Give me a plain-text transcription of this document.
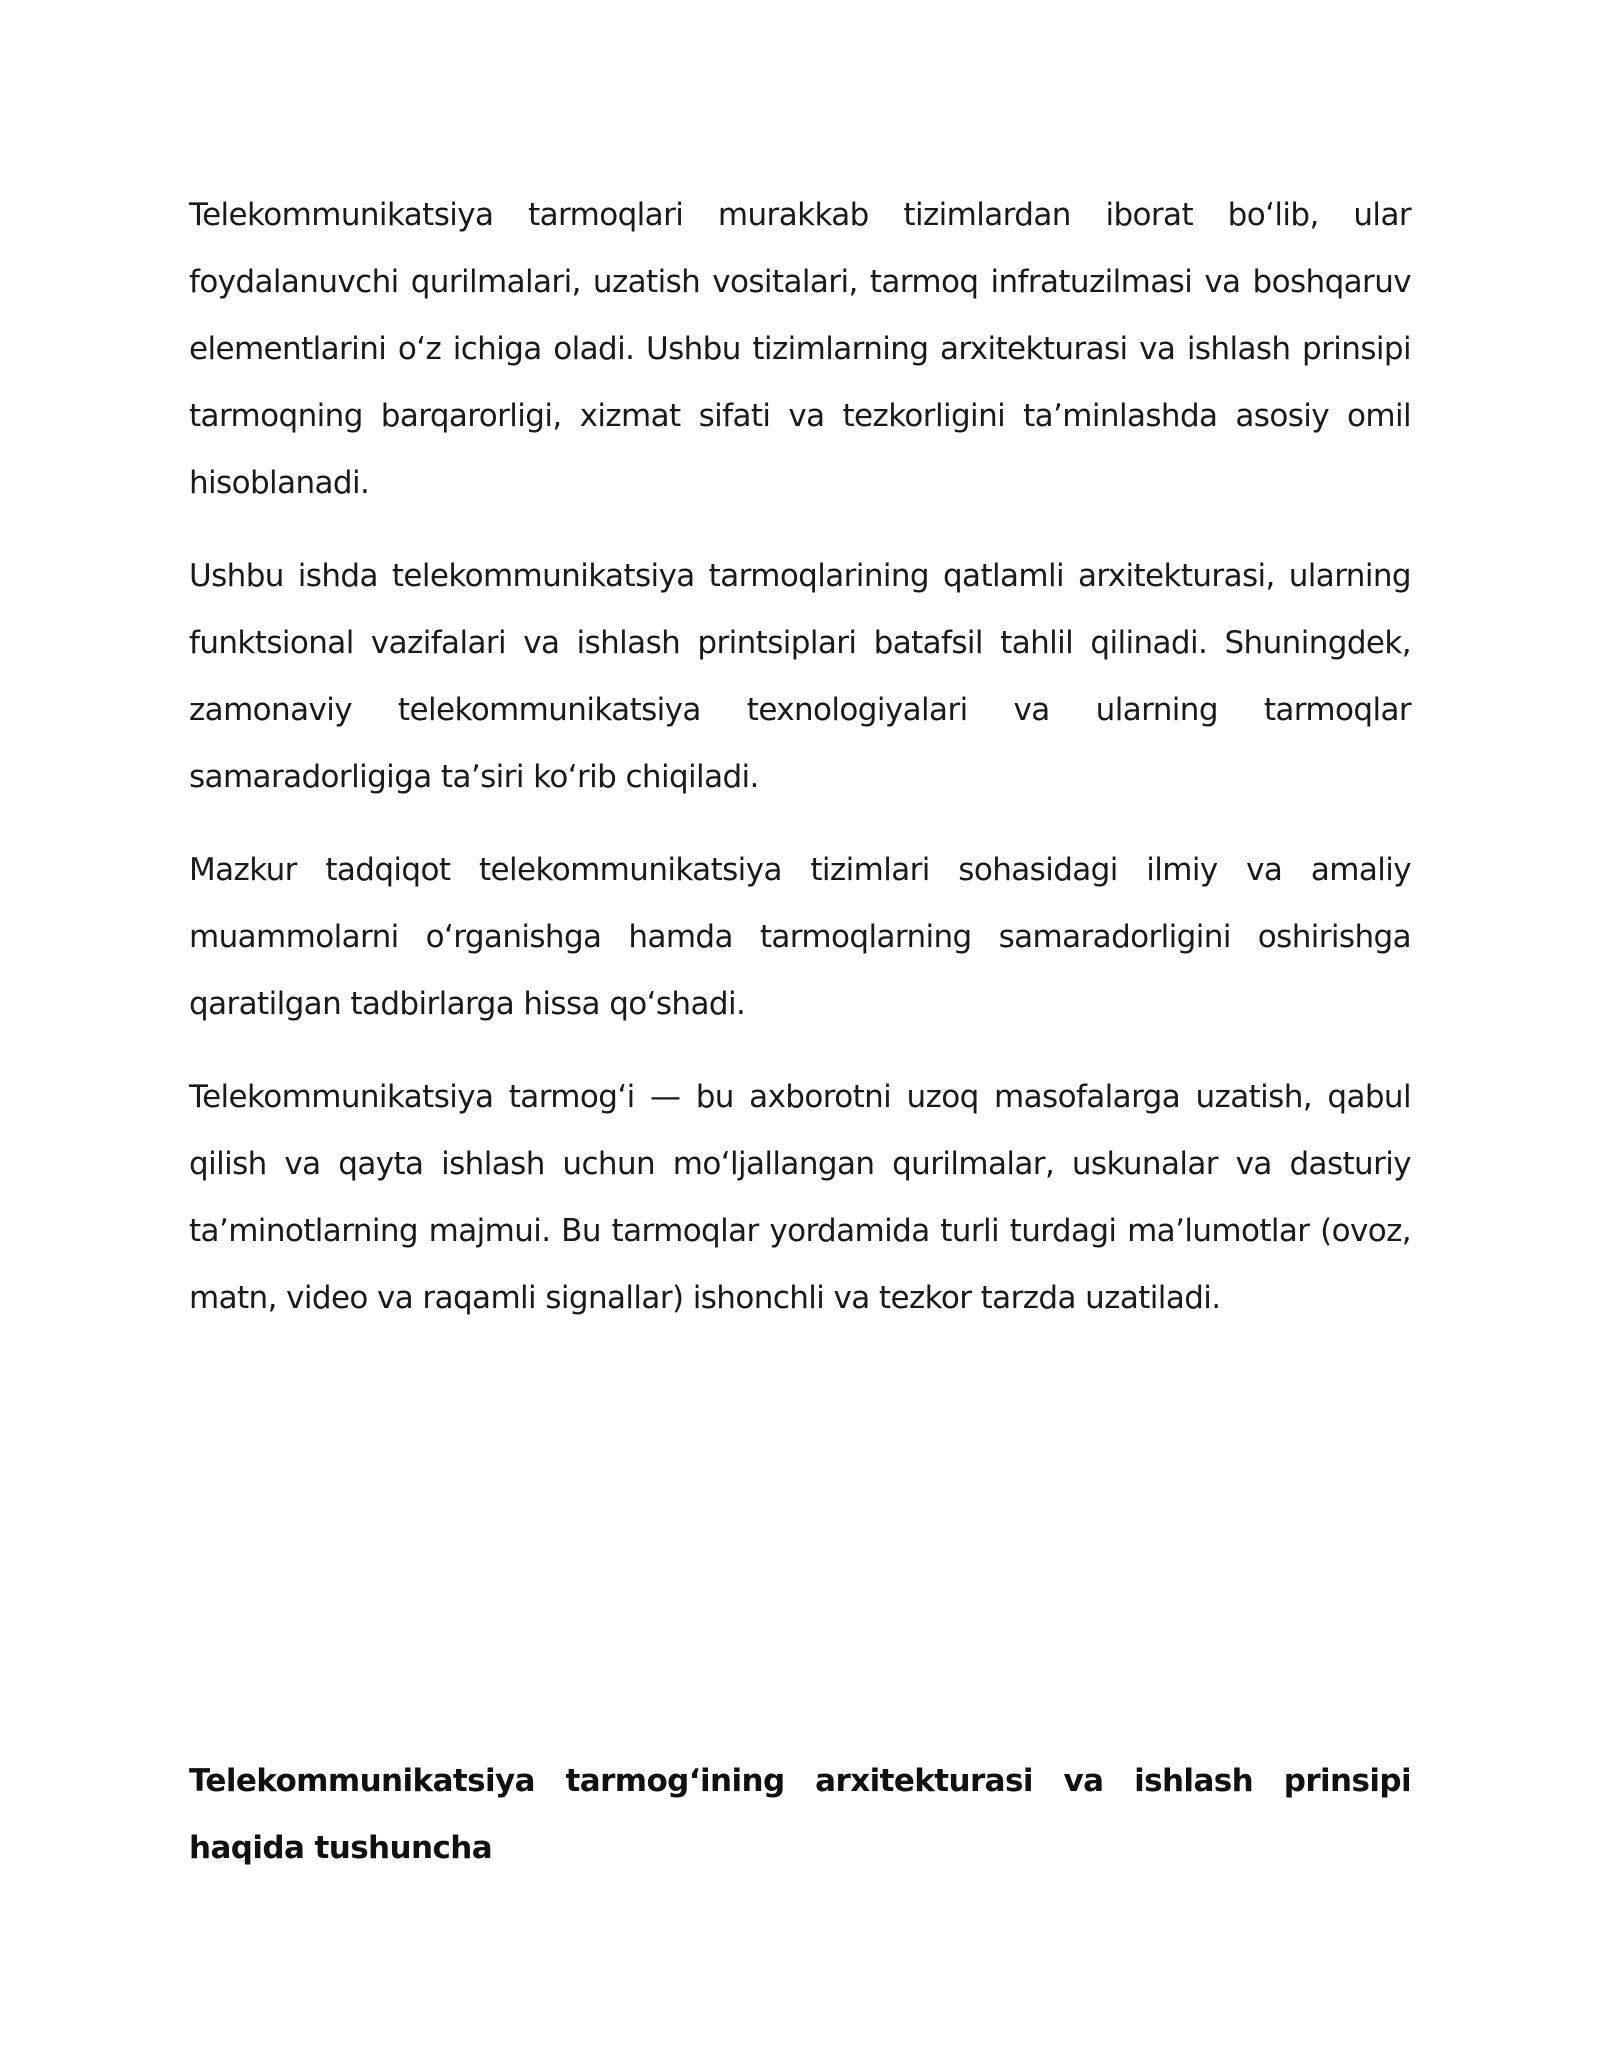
Telekommunikatsiya tarmoqlari murakkab tizimlardan iborat bo‘lib, ular foydalanuvchi qurilmalari, uzatish vositalari, tarmoq infratuzilmasi va boshqaruv elementlarini o‘z ichiga oladi. Ushbu tizimlarning arxitekturasi va ishlash prinsipi tarmoqning barqarorligi, xizmat sifati va tezkorligini ta’minlashda asosiy omil hisoblanadi.

Ushbu ishda telekommunikatsiya tarmoqlarining qatlamli arxitekturasi, ularning funktsional vazifalari va ishlash printsiplari batafsil tahlil qilinadi. Shuningdek, zamonaviy telekommunikatsiya texnologiyalari va ularning tarmoqlar samaradorligiga ta’siri ko‘rib chiqiladi.

Mazkur tadqiqot telekommunikatsiya tizimlari sohasidagi ilmiy va amaliy muammolarni o‘rganishga hamda tarmoqlarning samaradorligini oshirishga qaratilgan tadbirlarga hissa qo‘shadi.

Telekommunikatsiya tarmog‘i — bu axborotni uzoq masofalarga uzatish, qabul qilish va qayta ishlash uchun mo‘ljallangan qurilmalar, uskunalar va dasturiy ta’minotlarning majmui. Bu tarmoqlar yordamida turli turdagi ma’lumotlar (ovoz, matn, video va raqamli signallar) ishonchli va tezkor tarzda uzatiladi.

Telekommunikatsiya tarmog‘ining arxitekturasi va ishlash prinsipi haqida tushuncha
